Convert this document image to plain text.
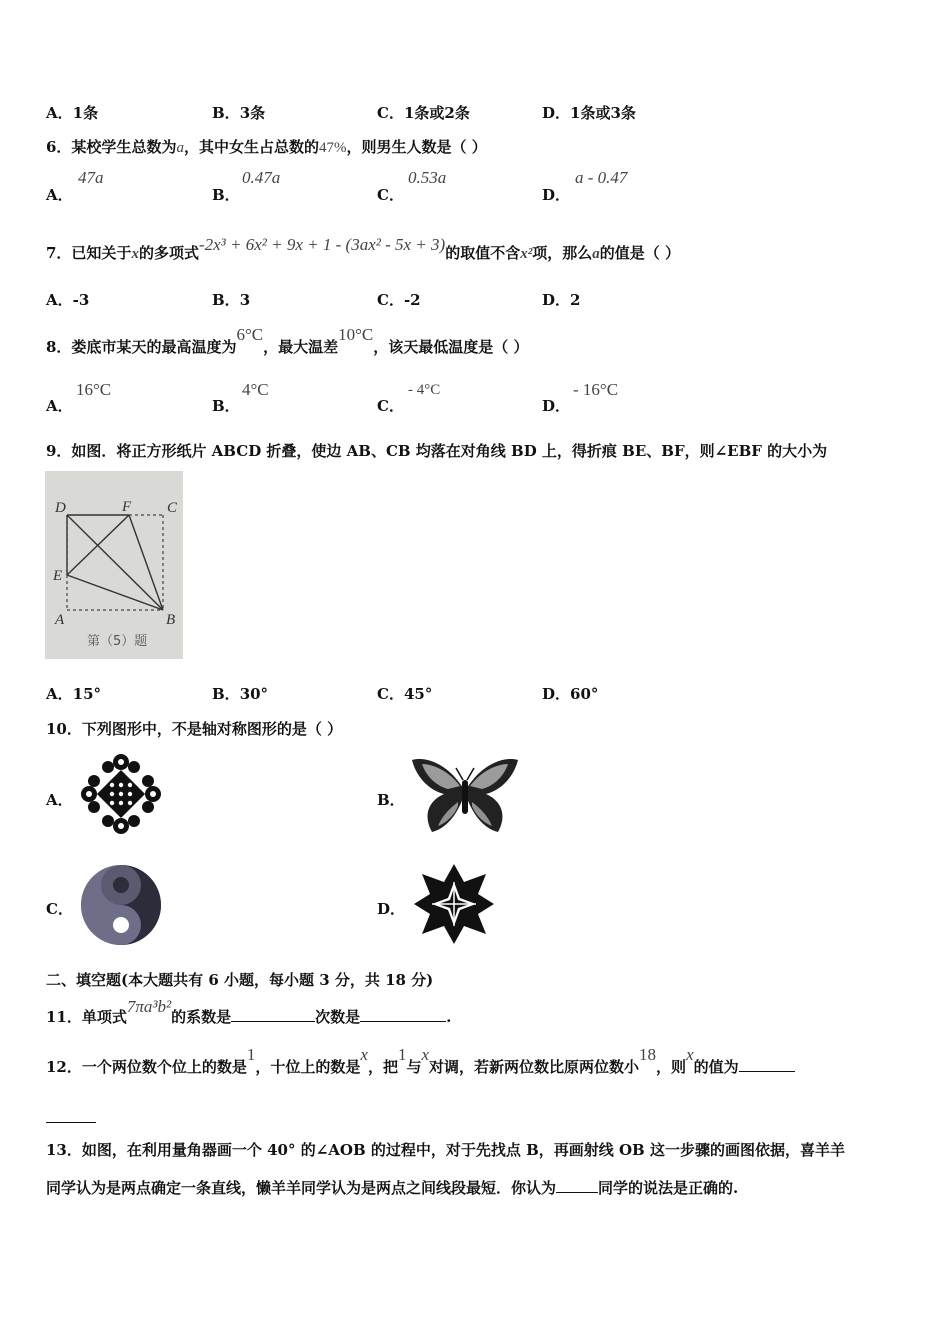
A．1条	B．3条	C．1条或2条	D．1条或3条
6．某校学生总数为a，其中女生占总数的47%，则男生人数是（ ）
A．
47a
B．
0.47a
C．
0.53a
D．
a - 0.47
7．已知关于x的多项式-2x³ + 6x² + 9x + 1 - (3ax² - 5x + 3)的取值不含x²项，那么a的值是（ ）
A．-3	B．3	C．-2	D．2
8．娄底市某天的最高温度为6°C，最大温差10°C，该天最低温度是（ ）
A．
16°C
B．
4°C
C．
- 4°C
D．
- 16°C
9．如图．将正方形纸片 ABCD 折叠，使边 AB、CB 均落在对角线 BD 上，得折痕 BE、BF，则∠EBF 的大小为
D	F C
E
A	B
第（5）题
A．15°	B．30°	C．45°	D．60°
10．下列图形中，不是轴对称图形的是（ ）
A．	B．
C．	D．
二、填空题(本大题共有 6 小题，每小题 3 分，共 18 分)
11．单项式7πa³b²的系数是	次数是	.
12．一个两位数个位上的数是1，十位上的数是x，把1与x对调，若新两位数比原两位数小18，则x的值为
13．如图，在利用量角器画一个 40° 的∠AOB 的过程中，对于先找点 B，再画射线 OB 这一步骤的画图依据，喜羊羊
同学认为是两点确定一条直线，懒羊羊同学认为是两点之间线段最短．你认为	同学的说法是正确的.
